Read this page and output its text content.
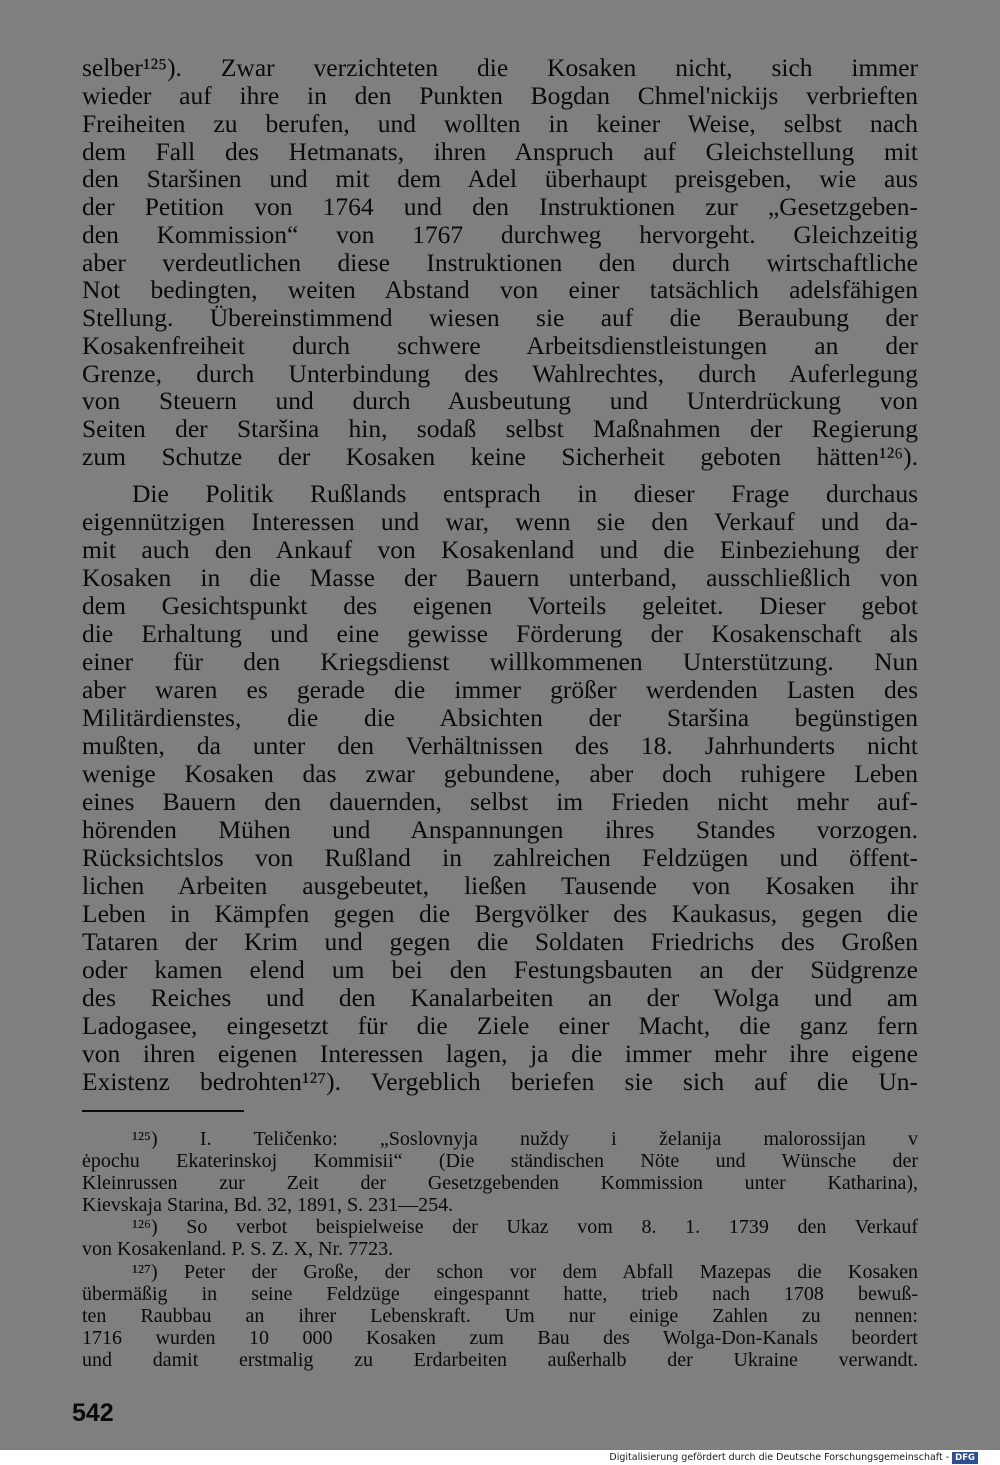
selber¹²⁵). Zwar verzichteten die Kosaken nicht, sich immer
wieder auf ihre in den Punkten Bogdan Chmel'nickijs verbrieften
Freiheiten zu berufen, und wollten in keiner Weise, selbst nach
dem Fall des Hetmanats, ihren Anspruch auf Gleichstellung mit
den Staršinen und mit dem Adel überhaupt preisgeben, wie aus
der Petition von 1764 und den Instruktionen zur „Gesetzgeben-
den Kommission“ von 1767 durchweg hervorgeht. Gleichzeitig
aber verdeutlichen diese Instruktionen den durch wirtschaftliche
Not bedingten, weiten Abstand von einer tatsächlich adelsfähigen
Stellung. Übereinstimmend wiesen sie auf die Beraubung der
Kosakenfreiheit durch schwere Arbeitsdienstleistungen an der
Grenze, durch Unterbindung des Wahlrechtes, durch Auferlegung
von Steuern und durch Ausbeutung und Unterdrückung von
Seiten der Staršina hin, sodaß selbst Maßnahmen der Regierung
zum Schutze der Kosaken keine Sicherheit geboten hätten¹²⁶).
Die Politik Rußlands entsprach in dieser Frage durchaus
eigennützigen Interessen und war, wenn sie den Verkauf und da-
mit auch den Ankauf von Kosakenland und die Einbeziehung der
Kosaken in die Masse der Bauern unterband, ausschließlich von
dem Gesichtspunkt des eigenen Vorteils geleitet. Dieser gebot
die Erhaltung und eine gewisse Förderung der Kosakenschaft als
einer für den Kriegsdienst willkommenen Unterstützung. Nun
aber waren es gerade die immer größer werdenden Lasten des
Militärdienstes, die die Absichten der Staršina begünstigen
mußten, da unter den Verhältnissen des 18. Jahrhunderts nicht
wenige Kosaken das zwar gebundene, aber doch ruhigere Leben
eines Bauern den dauernden, selbst im Frieden nicht mehr auf-
hörenden Mühen und Anspannungen ihres Standes vorzogen.
Rücksichtslos von Rußland in zahlreichen Feldzügen und öffent-
lichen Arbeiten ausgebeutet, ließen Tausende von Kosaken ihr
Leben in Kämpfen gegen die Bergvölker des Kaukasus, gegen die
Tataren der Krim und gegen die Soldaten Friedrichs des Großen
oder kamen elend um bei den Festungsbauten an der Südgrenze
des Reiches und den Kanalarbeiten an der Wolga und am
Ladogasee, eingesetzt für die Ziele einer Macht, die ganz fern
von ihren eigenen Interessen lagen, ja die immer mehr ihre eigene
Existenz bedrohten¹²⁷). Vergeblich beriefen sie sich auf die Un-
¹²⁵) I. Teličenko: „Soslovnyja nuždy i želanija malorossijan v
ėpochu Ekaterinskoj Kommisii“ (Die ständischen Nöte und Wünsche der
Kleinrussen zur Zeit der Gesetzgebenden Kommission unter Katharina),
Kievskaja Starina, Bd. 32, 1891, S. 231—254.
¹²⁶) So verbot beispielweise der Ukaz vom 8. 1. 1739 den Verkauf
von Kosakenland. P. S. Z. X, Nr. 7723.
¹²⁷) Peter der Große, der schon vor dem Abfall Mazepas die Kosaken
übermäßig in seine Feldzüge eingespannt hatte, trieb nach 1708 bewuß-
ten Raubbau an ihrer Lebenskraft. Um nur einige Zahlen zu nennen:
1716 wurden 10 000 Kosaken zum Bau des Wolga-Don-Kanals beordert
und damit erstmalig zu Erdarbeiten außerhalb der Ukraine verwandt.
542
Digitalisierung gefördert durch die Deutsche Forschungsgemeinschaft - DFG
